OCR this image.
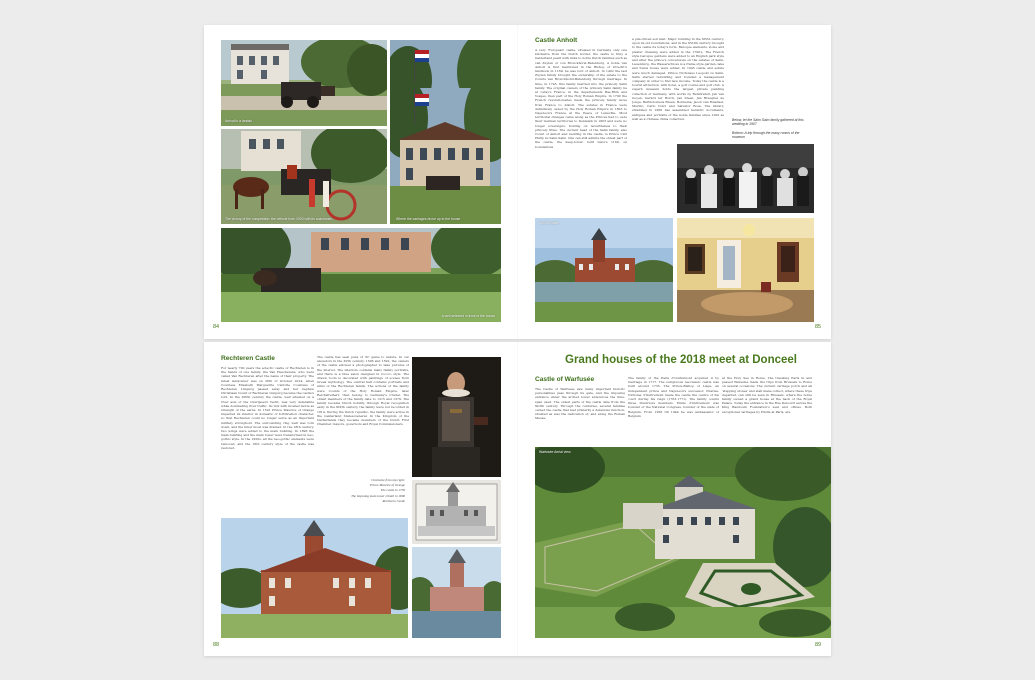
Arrival in a landau
The victory of the competition: the vehicle from 1920 with its coachman	Where the carriages drove up to the house
A well selected in front of the house
84
Castle Anholt
A very 'European' castle, situated in Germany only one kilometre from the Dutch border, the castle is truly a Gelderland pearl with links to noble Dutch families such as van Zuylen or von Bronckhorst-Batenburg. A noble van Anholt is first mentioned in the Bishop of Utrecht's landbook in 1169; he was lord of Anholt. In 1402 the last Zuylen family brought the ownership of the estate to the Counts van Bronckhorst-Batenburg through marriage. In time, in 1745, this family married into the princely Salm family. The original owners of the princely Salm family lie at today's France, in the départements Bas-Rhin and Vosges, then part of the Holy Roman Empire. In 1790 the French revolutionaries made the princely family move from France to Anholt. The estates in France were definitively ceded by the Holy Roman Empire in 1803 to Napoleon's France at the Peace of Lunéville. Most territorial changes came along as the Princes had to cede their German territories to Denmark in 1803 and were no longer sovereigns, holding on nevertheless to their princely titles. The current head of the Salm family, also Count of Anholt and residing in the castle, is Prince Carl Philip zu Salm-Salm. One can still admire the oldest part of the castle, the keep-tower, built before 1169, on foundations
a pile-driven soil islet. Major building in the XIVth century, upon its old foundations, and in the XVIIth century brought to the castle its today's form. Baroque elements, stone and plaster dressing were added in the 1700's. The French style baroque gardens were added to an English park style and after the prince's conversions on the estates of Salm-Lauenburg, the Wasserschloss is a frame style garden, lake and Swiss house were added. In 1945 castle and estate were much damaged. Prince Nicholaus Leopold zu Salm-Salm started rebuilding and founded a management company in order to find new income. Today the castle is a tourist attraction, with hotel, a golf course and golf club. A superb museum holds the largest private painting collection of Germany, with works by Rembrandt, Jan van Goyen, Gerard ter Borch, Jan Steen, Jan Brueghel de Jonge, Bartholomeus Breen, Hobbema, Jacob van Ruisdael, Murillo, Carlo Dolci and Salvator Rosa. The library, straddled in 1966 has assembled heraldic documents, antiques and portraits of the noble families since 1200 as well as a Chinese china collection.	Below, let the Salm Salm family gathered at this wedding in 1907
Bottom: A trip through the many rooms of the museum
Anholt Castle
85
Rechteren Castle
For nearly 700 years the eclectic castle of Rechteren is in the hands of one family, the Van Heeckerens, who were called Van Rechteren after the name of their property. The latest landowner was on 26th of October 2014, when Countess Elisabeth Marguerite Carlotte Countess of Rechteren Limpurg passed away and her nephew Christiaan Count of Rechteren Limpurg became the castle's lord. In the XIVth century the castle, well situated on a river axis of the Overijssel's Vecht, was very defensible while dominating river traffic. Its tick with moated motte as strength of the earns. In 1591 Prince Maurice of Orange impacted its interior in domestic of fortification character, so that Rechteren could no longer serve as an important military stronghold. The surrounding ring wall was torn down, and the inner moat was drained. In the 18th century, two wings were added to the main building. In 1896 the main building and the main tower were transformed in neo-gothic style. In the 1950s, all the neo-gothic elements were removed, and the 18th century style of the castle was restored.
The castle has seen pens of 'ht' game to nature. In our ancestors in the XVth century, 1596 and 1592, the owners of the castle allowed a photographer to take pictures of the interior. The interiors contains many family portraits, and there is a blue salon designed in rococo style. The drawn room is decorated with paintings of scenes from Greek mythology. The central hall contains portraits and arms of the Rechteren family. The actions of the family were Counts of the Holy Roman Empire, later Reichsfreiherr, then belong to Germany's Cradel. The oldest members of the family date to 1315 and 1379. The family became Dutch nobility through Royal recognition early in the XIXth century, the family were not recorded in 1814. During the Dutch republic, the family were active in the Gelderland States-General. In the Kingdom of the Netherlands they became members of the Dutch First Chamber, mayors, governors and Royal Commissioners.
Clockwise from top right:
Prince Maurice of Orange
The castle in 1750
The imposing main tower rebuilt in 1896
Rechteren Castle
88
Grand houses of the 2018 meet at Donceel
Castle of Warfusée
The Castle of Warfusée saw many important historic personalities pass through its gate, and the imposing entrance under the arched tower announces the time-span used. The oldest parts of the castle date from the XIIIth century. Through the centuries, several families owned the castle that had primarily a defensive function, situated as was the dedication of, and along the Roman Meuse.
The family of the Earls d'Oultremont acquired it by marriage in 1717. The sumptuous neoclassic castle was built around 1735. The Prince-Bishop of Liège, an independent prince and Napoleon's successor, Charles-Nicholas d'Oultremont made the castle the centre of his court during his reign (1763-1771). The family counts three illustrious members. Emile d'Oultremont was founder of the National Congress, founder of the state of Belgium. From 1938 till 1944 he was ambassador of Belgium
at the Holy See in Rome. The traveling Earls in and passed Waresme made the trips from Brussels to Rome on several occasions. The current carriage porch and all 'stepping stones' and stall mane collect, where these trips departed, can still be seen in Brussels, where the noble family owned a grand house at the back of the Royal Palace. Today the entrance in the Rue Delcourt serves the King Baudouin Foundation's seat and offices. Both exceptional carriages by Pindle at Paris, are
Warfusée Aerial view
89
